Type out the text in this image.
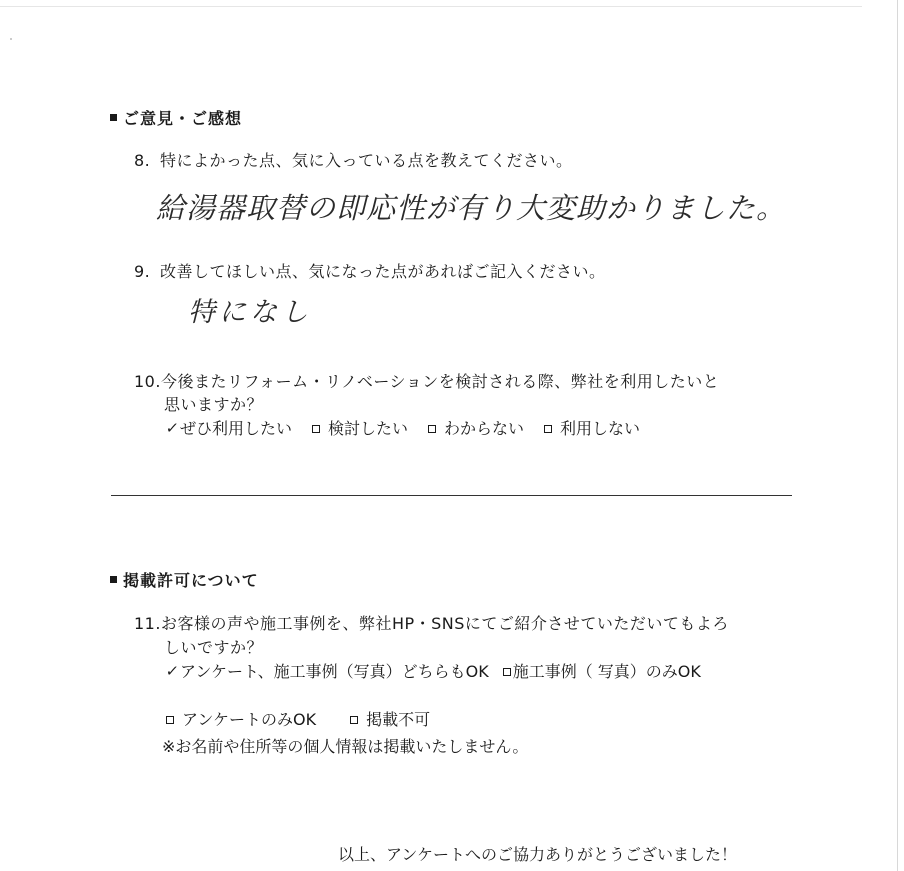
ご意見・ご感想
8. 特によかった点、気に入っている点を教えてください。
給湯器取替の即応性が有り大変助かりました。
9. 改善してほしい点、気になった点があればご記入ください。
特になし
10.今後またリフォーム・リノベーションを検討される際、弊社を利用したいと
思いますか？
✓ ぜひ利用したい 検討したい わからない 利用しない
掲載許可について
11.お客様の声や施工事例を、弊社HP・SNSにてご紹介させていただいてもよろ
しいですか？
✓ アンケート、施工事例（写真）どちらもOK 施工事例（ 写真）のみOK
アンケートのみOK	掲載不可
※お名前や住所等の個人情報は掲載いたしません。
以上、アンケートへのご協力ありがとうございました！
